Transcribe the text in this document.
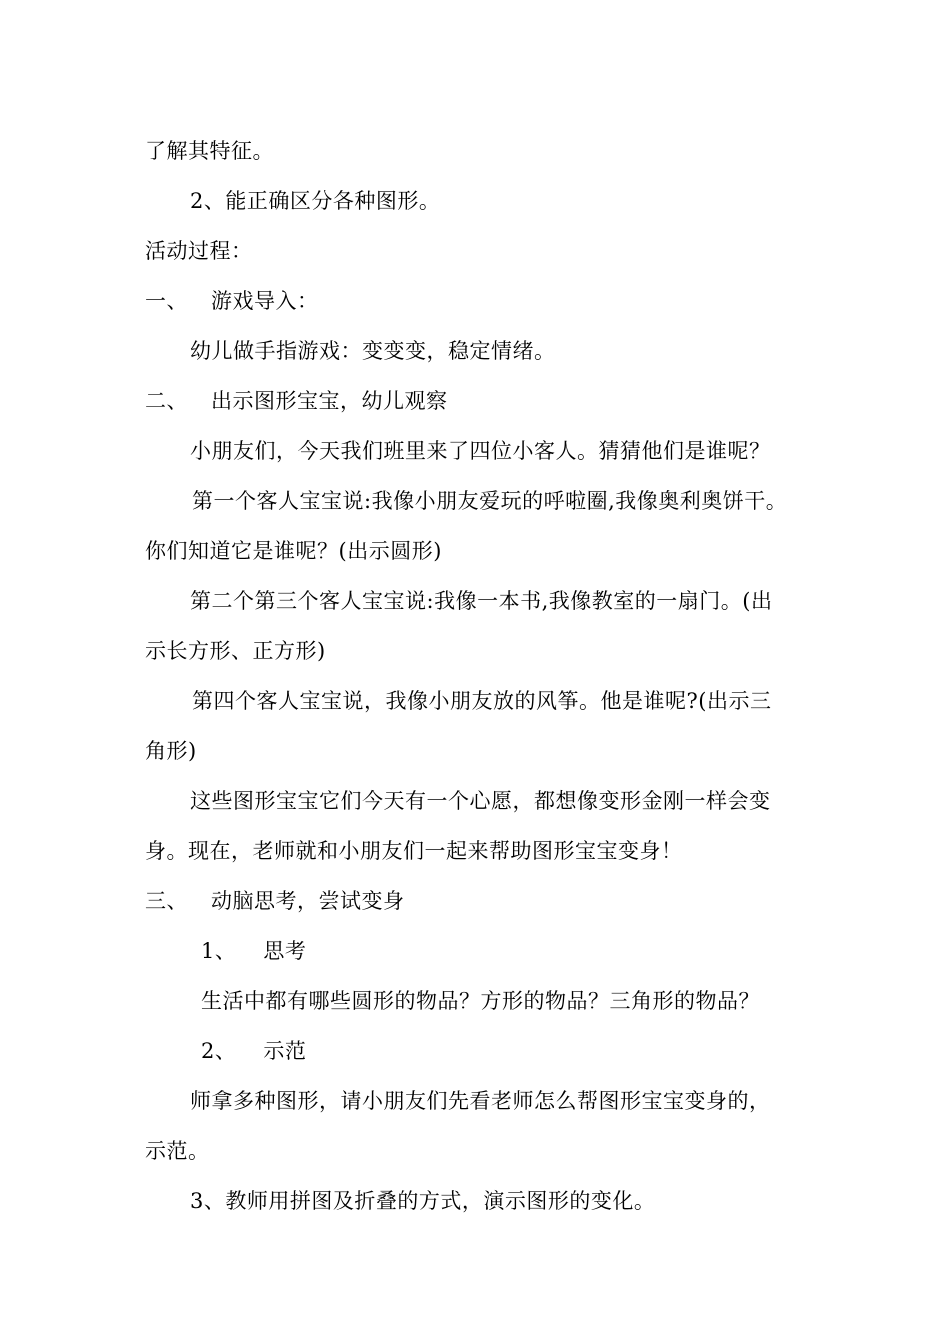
了解其特征。
2、能正确区分各种图形。
活动过程：
一、 游戏导入：
幼儿做手指游戏：变变变，稳定情绪。
二、 出示图形宝宝，幼儿观察
小朋友们，今天我们班里来了四位小客人。猜猜他们是谁呢？
第一个客人宝宝说:我像小朋友爱玩的呼啦圈,我像奥利奥饼干。
你们知道它是谁呢？(出示圆形)
第二个第三个客人宝宝说:我像一本书,我像教室的一扇门。(出
示长方形、正方形)
第四个客人宝宝说，我像小朋友放的风筝。他是谁呢?(出示三
角形)
这些图形宝宝它们今天有一个心愿，都想像变形金刚一样会变
身。现在，老师就和小朋友们一起来帮助图形宝宝变身！
三、 动脑思考，尝试变身
1、 思考
生活中都有哪些圆形的物品？方形的物品？三角形的物品？
2、 示范
师拿多种图形，请小朋友们先看老师怎么帮图形宝宝变身的，
示范。
3、教师用拼图及折叠的方式，演示图形的变化。
